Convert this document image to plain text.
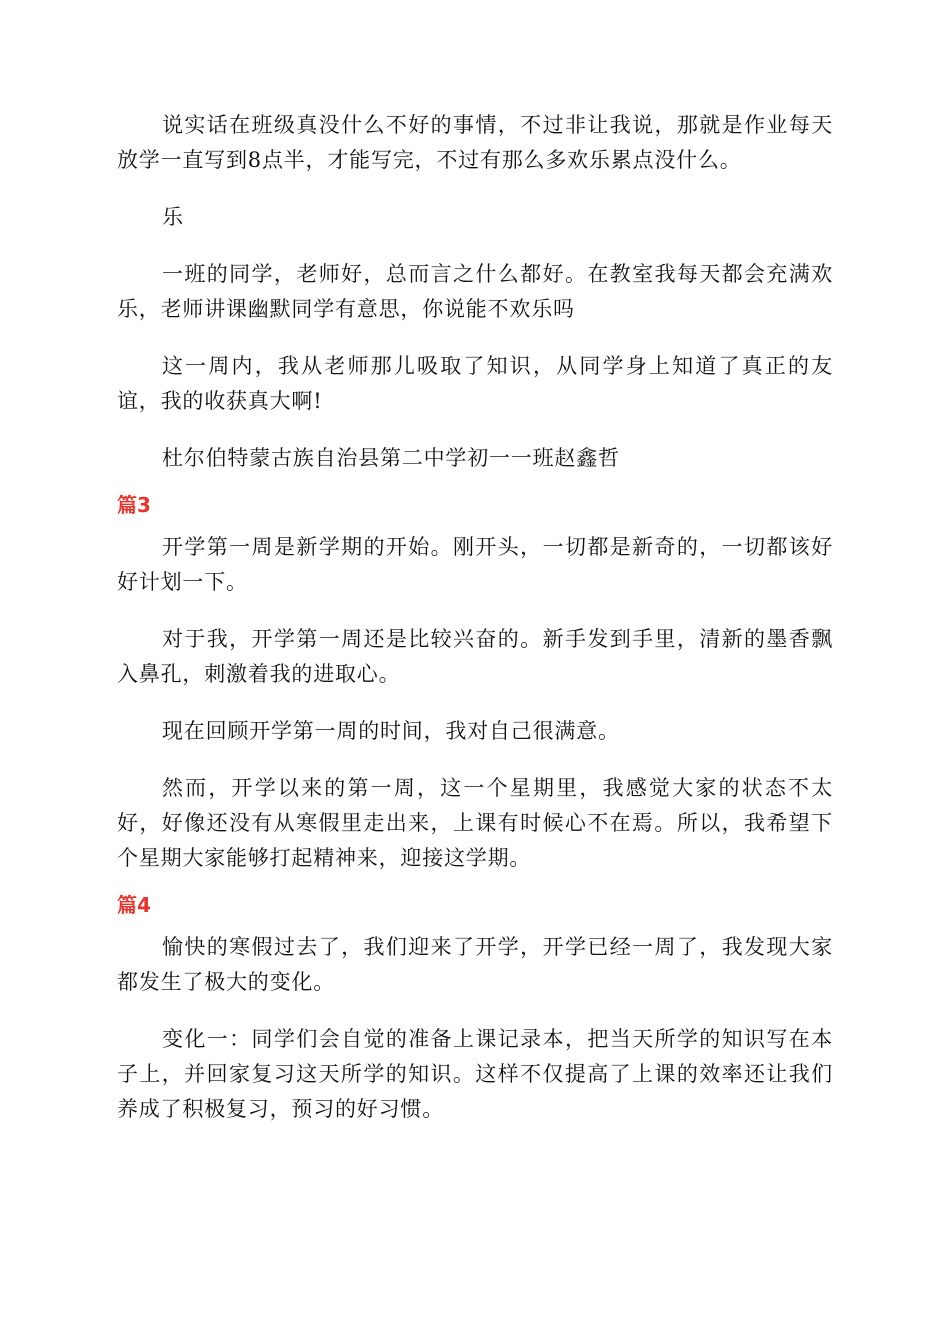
说实话在班级真没什么不好的事情，不过非让我说，那就是作业每天放学一直写到8点半，才能写完，不过有那么多欢乐累点没什么。

乐

一班的同学，老师好，总而言之什么都好。在教室我每天都会充满欢乐，老师讲课幽默同学有意思，你说能不欢乐吗

这一周内，我从老师那儿吸取了知识，从同学身上知道了真正的友谊，我的收获真大啊!

杜尔伯特蒙古族自治县第二中学初一一班赵鑫哲

篇3

开学第一周是新学期的开始。刚开头，一切都是新奇的，一切都该好好计划一下。

对于我，开学第一周还是比较兴奋的。新手发到手里，清新的墨香飘入鼻孔，刺激着我的进取心。

现在回顾开学第一周的时间，我对自己很满意。

然而，开学以来的第一周，这一个星期里，我感觉大家的状态不太好，好像还没有从寒假里走出来，上课有时候心不在焉。所以，我希望下个星期大家能够打起精神来，迎接这学期。

篇4

愉快的寒假过去了，我们迎来了开学，开学已经一周了，我发现大家都发生了极大的变化。

变化一：同学们会自觉的准备上课记录本，把当天所学的知识写在本子上，并回家复习这天所学的知识。这样不仅提高了上课的效率还让我们养成了积极复习，预习的好习惯。
